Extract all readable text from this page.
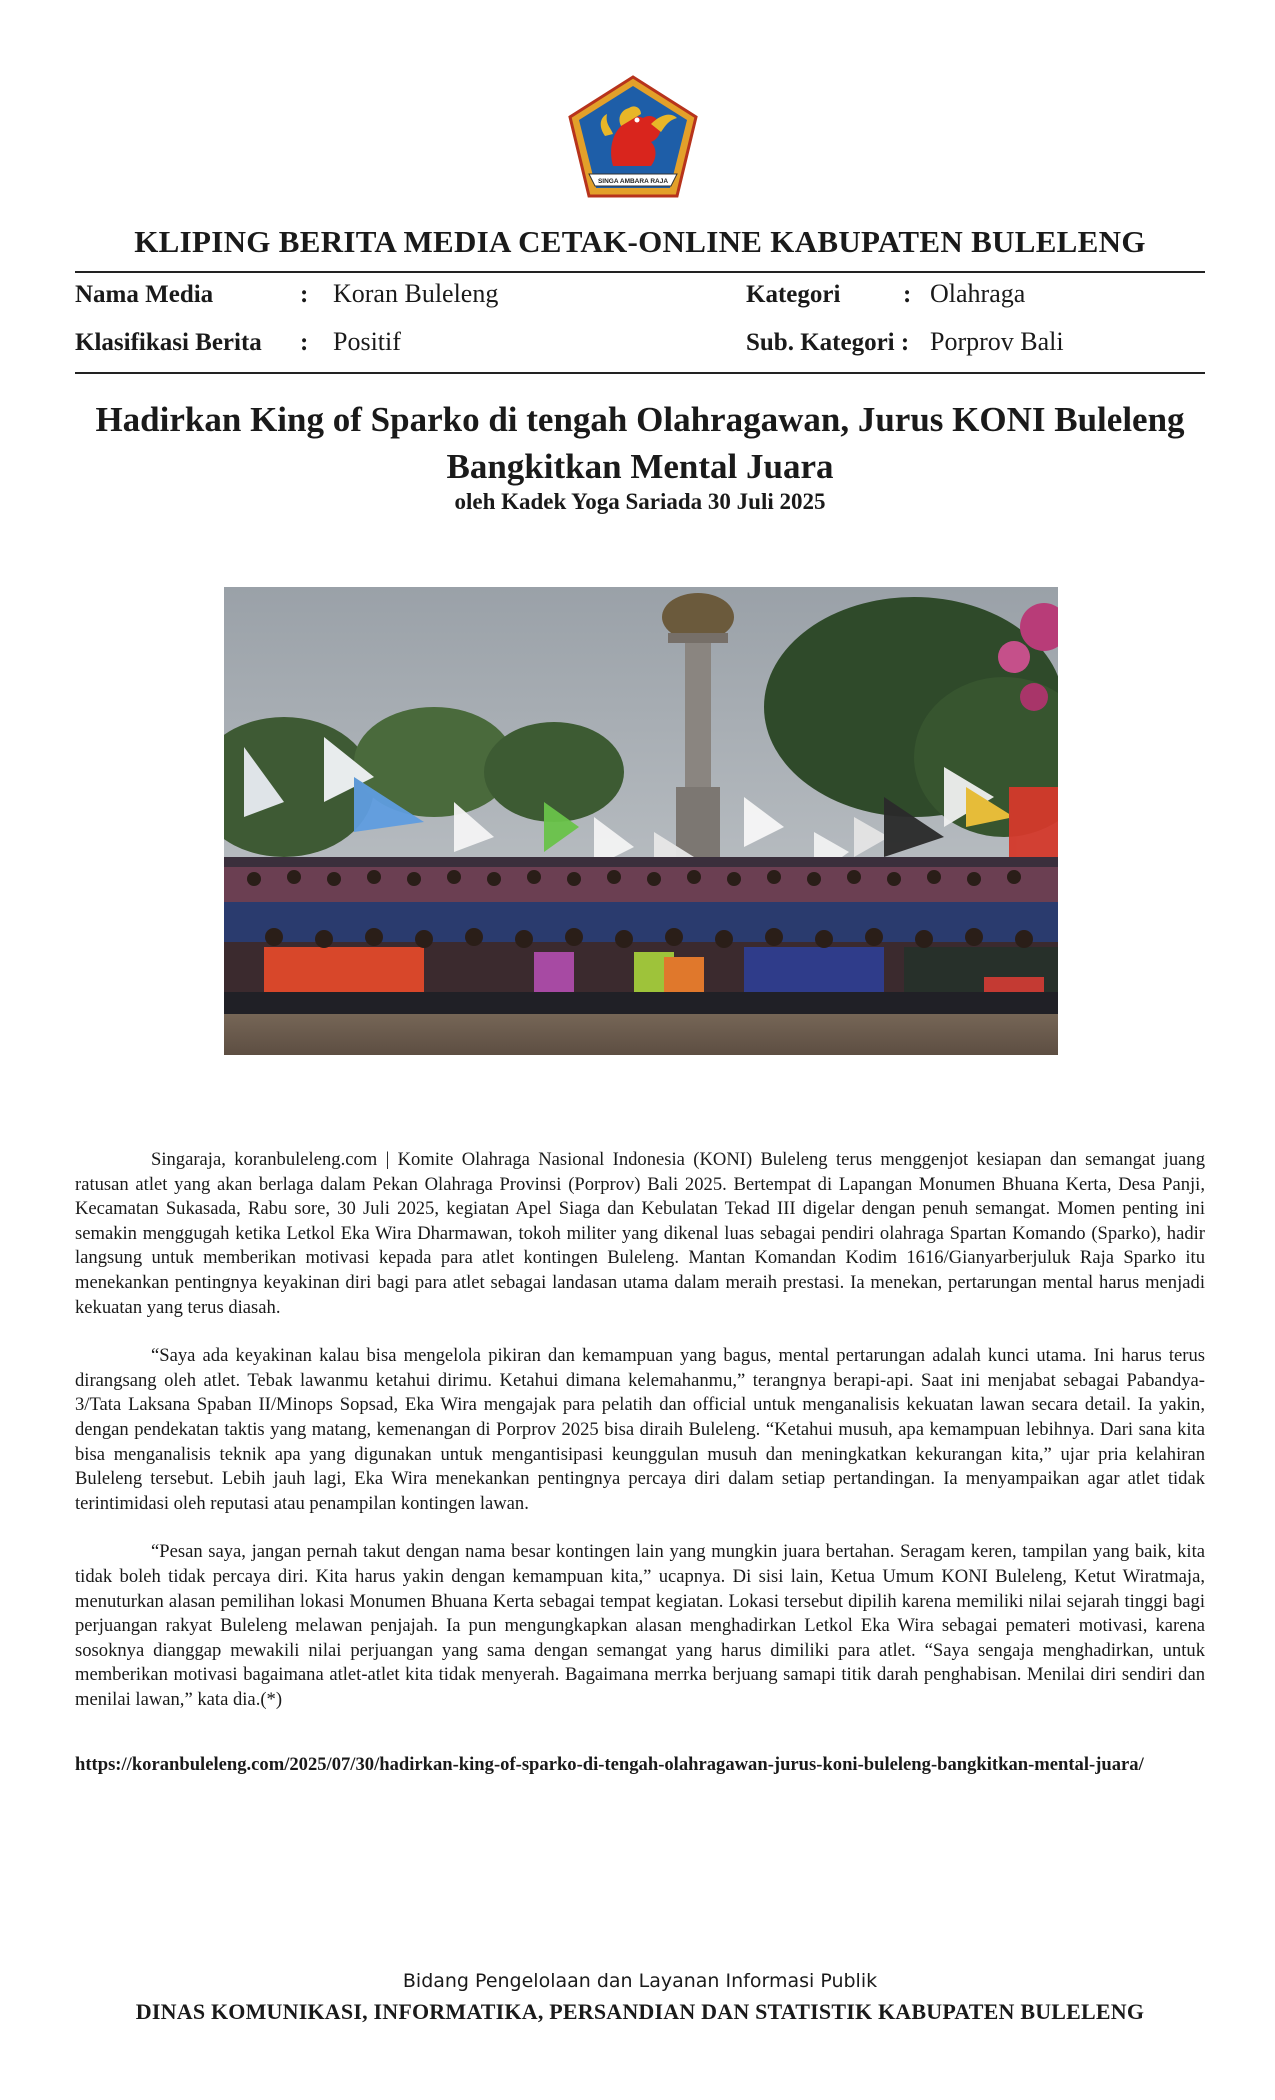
SINGA AMBARA RAJA
KLIPING BERITA MEDIA CETAK-ONLINE KABUPATEN BULELENG
Nama Media	: Koran Buleleng	Kategori	: Olahraga
Klasifikasi Berita : Positif	Sub. Kategori : Porprov Bali
Hadirkan King of Sparko di tengah Olahragawan, Jurus KONI Buleleng
Bangkitkan Mental Juara
oleh Kadek Yoga Sariada 30 Juli 2025

Singaraja, koranbuleleng.com | Komite Olahraga Nasional Indonesia (KONI) Buleleng terus menggenjot kesiapan dan semangat juang ratusan atlet yang akan berlaga dalam Pekan Olahraga Provinsi (Porprov) Bali 2025. Bertempat di Lapangan Monumen Bhuana Kerta, Desa Panji, Kecamatan Sukasada, Rabu sore, 30 Juli 2025, kegiatan Apel Siaga dan Kebulatan Tekad III digelar dengan penuh semangat. Momen penting ini semakin menggugah ketika Letkol Eka Wira Dharmawan, tokoh militer yang dikenal luas sebagai pendiri olahraga Spartan Komando (Sparko), hadir langsung untuk memberikan motivasi kepada para atlet kontingen Buleleng. Mantan Komandan Kodim 1616/Gianyarberjuluk Raja Sparko itu menekankan pentingnya keyakinan diri bagi para atlet sebagai landasan utama dalam meraih prestasi. Ia menekan, pertarungan mental harus menjadi kekuatan yang terus diasah.

“Saya ada keyakinan kalau bisa mengelola pikiran dan kemampuan yang bagus, mental pertarungan adalah kunci utama. Ini harus terus dirangsang oleh atlet. Tebak lawanmu ketahui dirimu. Ketahui dimana kelemahanmu,” terangnya berapi-api. Saat ini menjabat sebagai Pabandya-3/Tata Laksana Spaban II/Minops Sopsad, Eka Wira mengajak para pelatih dan official untuk menganalisis kekuatan lawan secara detail. Ia yakin, dengan pendekatan taktis yang matang, kemenangan di Porprov 2025 bisa diraih Buleleng. “Ketahui musuh, apa kemampuan lebihnya. Dari sana kita bisa menganalisis teknik apa yang digunakan untuk mengantisipasi keunggulan musuh dan meningkatkan kekurangan kita,” ujar pria kelahiran Buleleng tersebut. Lebih jauh lagi, Eka Wira menekankan pentingnya percaya diri dalam setiap pertandingan. Ia menyampaikan agar atlet tidak terintimidasi oleh reputasi atau penampilan kontingen lawan.

“Pesan saya, jangan pernah takut dengan nama besar kontingen lain yang mungkin juara bertahan. Seragam keren, tampilan yang baik, kita tidak boleh tidak percaya diri. Kita harus yakin dengan kemampuan kita,” ucapnya. Di sisi lain, Ketua Umum KONI Buleleng, Ketut Wiratmaja, menuturkan alasan pemilihan lokasi Monumen Bhuana Kerta sebagai tempat kegiatan. Lokasi tersebut dipilih karena memiliki nilai sejarah tinggi bagi perjuangan rakyat Buleleng melawan penjajah. Ia pun mengungkapkan alasan menghadirkan Letkol Eka Wira sebagai pemateri motivasi, karena sosoknya dianggap mewakili nilai perjuangan yang sama dengan semangat yang harus dimiliki para atlet. “Saya sengaja menghadirkan, untuk memberikan motivasi bagaimana atlet-atlet kita tidak menyerah. Bagaimana merrka berjuang samapi titik darah penghabisan. Menilai diri sendiri dan menilai lawan,” kata dia.(*)

https://koranbuleleng.com/2025/07/30/hadirkan-king-of-sparko-di-tengah-olahragawan-jurus-koni-buleleng-bangkitkan-mental-juara/
Bidang Pengelolaan dan Layanan Informasi Publik
DINAS KOMUNIKASI, INFORMATIKA, PERSANDIAN DAN STATISTIK KABUPATEN BULELENG
